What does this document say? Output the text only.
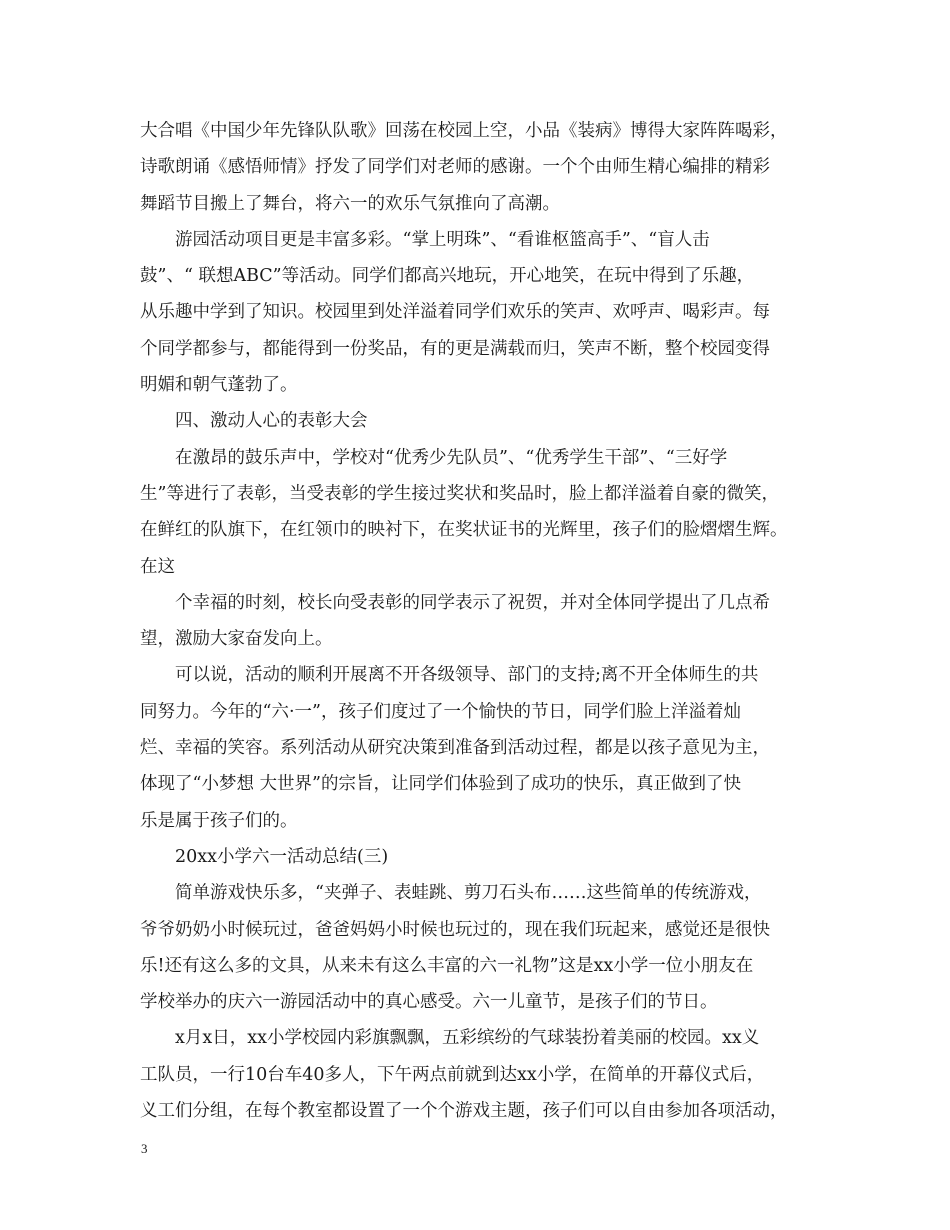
大合唱《中国少年先锋队队歌》回荡在校园上空，小品《装病》博得大家阵阵喝彩，
诗歌朗诵《感悟师情》抒发了同学们对老师的感谢。一个个由师生精心编排的精彩
舞蹈节目搬上了舞台，将六一的欢乐气氛推向了高潮。
游园活动项目更是丰富多彩。“掌上明珠”、“看谁枢篮高手”、“盲人击
鼓”、“ 联想ABC”等活动。同学们都高兴地玩，开心地笑，在玩中得到了乐趣，
从乐趣中学到了知识。校园里到处洋溢着同学们欢乐的笑声、欢呼声、喝彩声。每
个同学都参与，都能得到一份奖品，有的更是满载而归，笑声不断，整个校园变得
明媚和朝气蓬勃了。
四、激动人心的表彰大会
在激昂的鼓乐声中，学校对“优秀少先队员”、“优秀学生干部”、“三好学
生”等进行了表彰，当受表彰的学生接过奖状和奖品时，脸上都洋溢着自豪的微笑，
在鲜红的队旗下，在红领巾的映衬下，在奖状证书的光辉里，孩子们的脸熠熠生辉。
在这
个幸福的时刻，校长向受表彰的同学表示了祝贺，并对全体同学提出了几点希
望，激励大家奋发向上。
可以说，活动的顺利开展离不开各级领导、部门的支持;离不开全体师生的共
同努力。今年的“六·一”，孩子们度过了一个愉快的节日，同学们脸上洋溢着灿
烂、幸福的笑容。系列活动从研究决策到准备到活动过程，都是以孩子意见为主，
体现了“小梦想 大世界”的宗旨，让同学们体验到了成功的快乐，真正做到了快
乐是属于孩子们的。
20xx小学六一活动总结(三)
简单游戏快乐多，“夹弹子、表蛙跳、剪刀石头布……这些简单的传统游戏，
爷爷奶奶小时候玩过，爸爸妈妈小时候也玩过的，现在我们玩起来，感觉还是很快
乐!还有这么多的文具，从来未有这么丰富的六一礼物”这是xx小学一位小朋友在
学校举办的庆六一游园活动中的真心感受。六一儿童节，是孩子们的节日。
x月x日，xx小学校园内彩旗飘飘，五彩缤纷的气球装扮着美丽的校园。xx义
工队员，一行10台车40多人，下午两点前就到达xx小学，在简单的开幕仪式后，
义工们分组，在每个教室都设置了一个个游戏主题，孩子们可以自由参加各项活动，
3
